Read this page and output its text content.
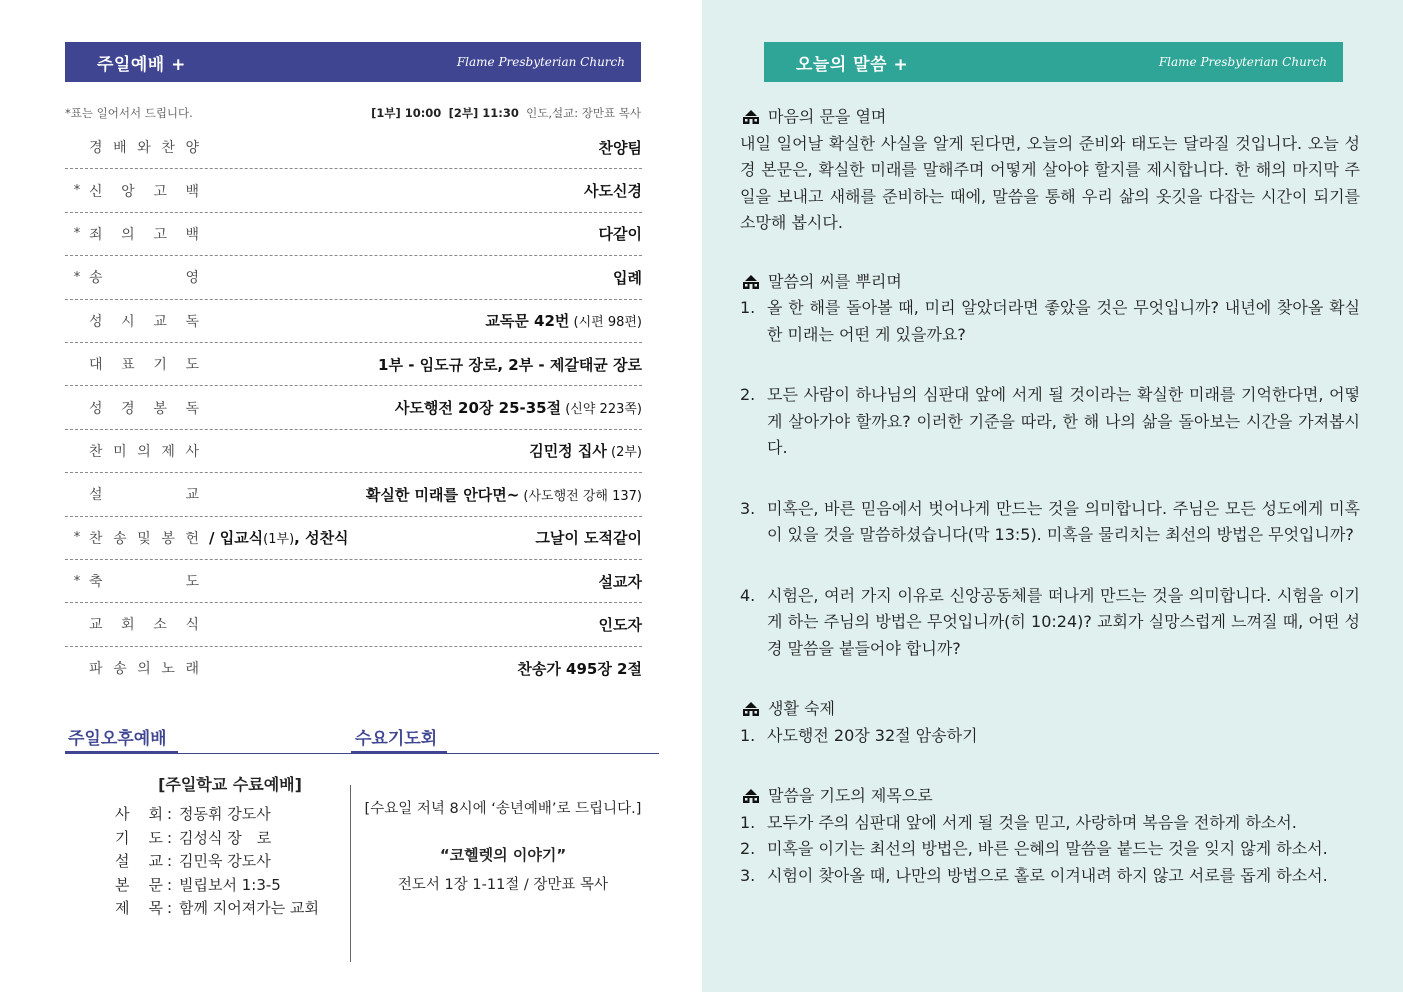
주일예배 +	Flame Presbyterian Church
*표는 일어서서 드립니다.	[1부] 10:00 [2부] 11:30 인도,설교: 장만표 목사
경 배 와 찬 양	찬양팀
* 신 앙 고 백	사도신경
* 죄 의 고 백	다같이
* 송	영	입례
성 시 교 독	교독문 42번 (시편 98편)
대 표 기 도	1부 - 임도규 장로, 2부 - 제갈태균 장로
성 경 봉 독	사도행전 20장 25-35절 (신약 223쪽)
찬 미 의 제 사	김민정 집사 (2부)
설	교	확실한 미래를 안다면~ (사도행전 강해 137)
* 찬 송 및 봉 헌 / 입교식(1부), 성찬식	그날이 도적같이
* 축	도	설교자
교 회 소 식	인도자
파 송 의 노 래	찬송가 495장 2절
주일오후예배	수요기도회
[주일학교 수료예배]
사 회 : 정동휘 강도사
기 도 : 김성식 장　로
설 교 : 김민욱 강도사
본 문 : 빌립보서 1:3-5
제 목 : 함께 지어져가는 교회
[수요일 저녁 8시에 ‘송년예배’로 드립니다.]
“코헬렛의 이야기”
전도서 1장 1-11절 / 장만표 목사
오늘의 말씀 +	Flame Presbyterian Church
마음의 문을 열며
내일 일어날 확실한 사실을 알게 된다면, 오늘의 준비와 태도는 달라질 것입니다. 오늘 성경 본문은, 확실한 미래를 말해주며 어떻게 살아야 할지를 제시합니다. 한 해의 마지막 주일을 보내고 새해를 준비하는 때에, 말씀을 통해 우리 삶의 옷깃을 다잡는 시간이 되기를 소망해 봅시다.
말씀의 씨를 뿌리며
1. 올 한 해를 돌아볼 때, 미리 알았더라면 좋았을 것은 무엇입니까? 내년에 찾아올 확실한 미래는 어떤 게 있을까요?
2. 모든 사람이 하나님의 심판대 앞에 서게 될 것이라는 확실한 미래를 기억한다면, 어떻게 살아가야 할까요? 이러한 기준을 따라, 한 해 나의 삶을 돌아보는 시간을 가져봅시다.
3. 미혹은, 바른 믿음에서 벗어나게 만드는 것을 의미합니다. 주님은 모든 성도에게 미혹이 있을 것을 말씀하셨습니다(막 13:5). 미혹을 물리치는 최선의 방법은 무엇입니까?
4. 시험은, 여러 가지 이유로 신앙공동체를 떠나게 만드는 것을 의미합니다. 시험을 이기게 하는 주님의 방법은 무엇입니까(히 10:24)? 교회가 실망스럽게 느껴질 때, 어떤 성경 말씀을 붙들어야 합니까?
생활 숙제
1. 사도행전 20장 32절 암송하기
말씀을 기도의 제목으로
1. 모두가 주의 심판대 앞에 서게 될 것을 믿고, 사랑하며 복음을 전하게 하소서.
2. 미혹을 이기는 최선의 방법은, 바른 은혜의 말씀을 붙드는 것을 잊지 않게 하소서.
3. 시험이 찾아올 때, 나만의 방법으로 홀로 이겨내려 하지 않고 서로를 돕게 하소서.
